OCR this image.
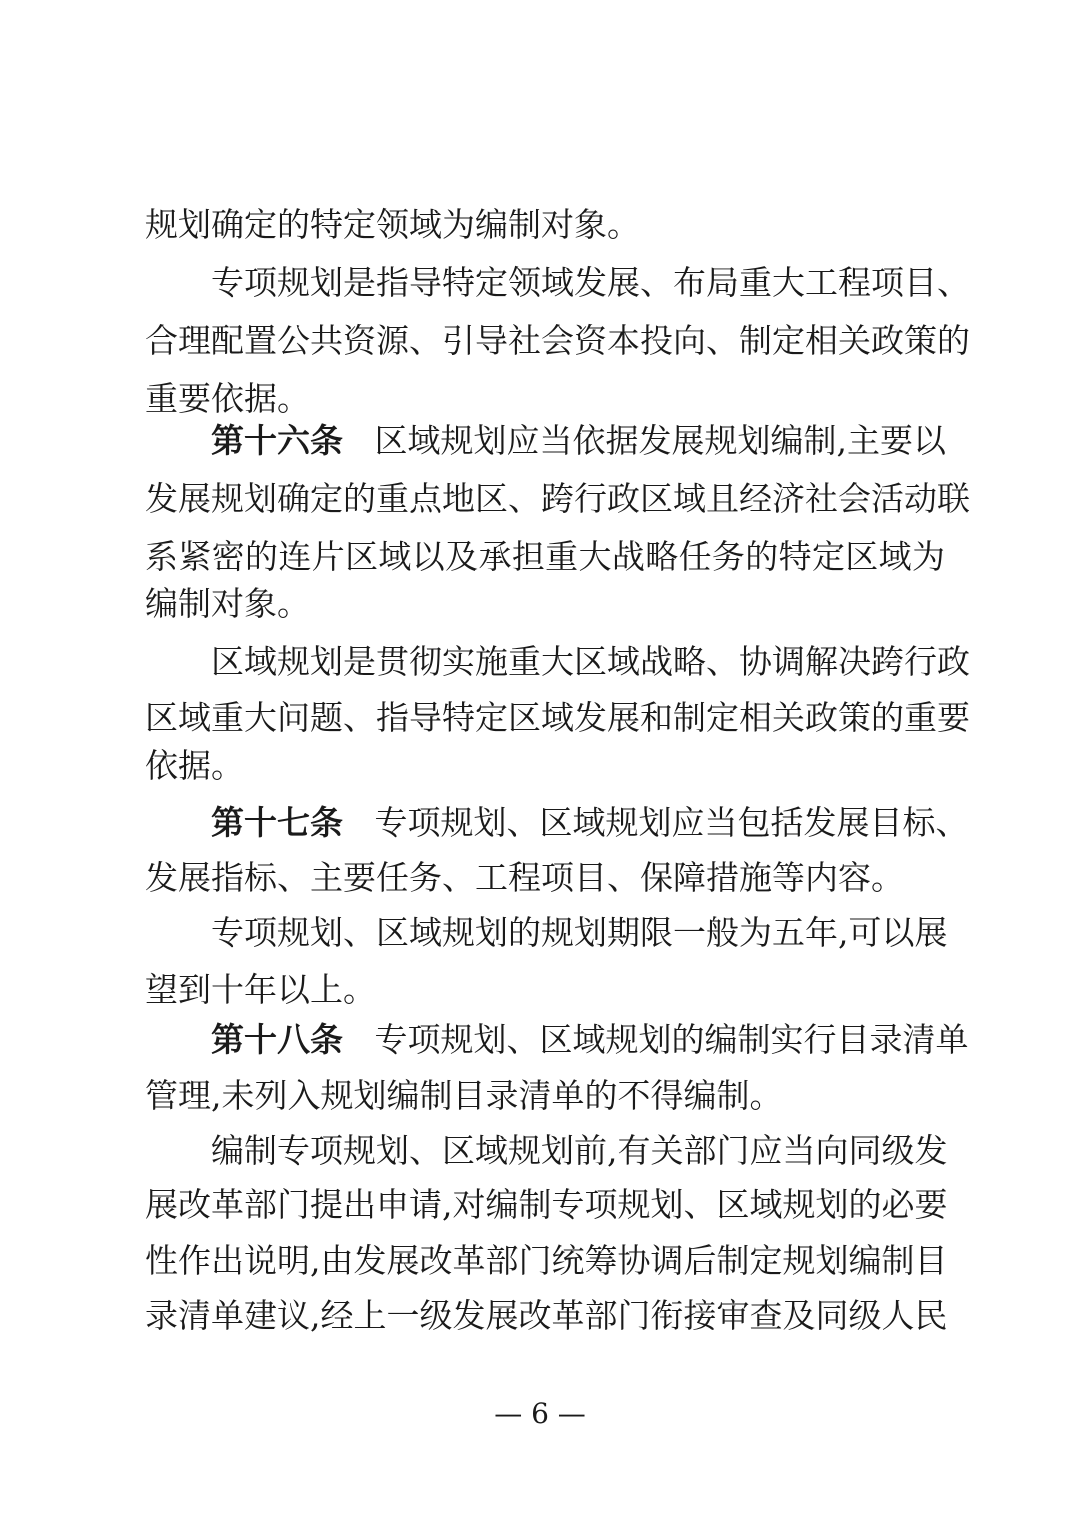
规划确定的特定领域为编制对象。
专项规划是指导特定领域发展、布局重大工程项目、
合理配置公共资源、引导社会资本投向、制定相关政策的
重要依据。
第十六条 区域规划应当依据发展规划编制,主要以
发展规划确定的重点地区、跨行政区域且经济社会活动联
系紧密的连片区域以及承担重大战略任务的特定区域为
编制对象。
区域规划是贯彻实施重大区域战略、协调解决跨行政
区域重大问题、指导特定区域发展和制定相关政策的重要
依据。
第十七条 专项规划、区域规划应当包括发展目标、
发展指标、主要任务、工程项目、保障措施等内容。
专项规划、区域规划的规划期限一般为五年,可以展
望到十年以上。
第十八条 专项规划、区域规划的编制实行目录清单
管理,未列入规划编制目录清单的不得编制。
编制专项规划、区域规划前,有关部门应当向同级发
展改革部门提出申请,对编制专项规划、区域规划的必要
性作出说明,由发展改革部门统筹协调后制定规划编制目
录清单建议,经上一级发展改革部门衔接审查及同级人民
— 6 —
